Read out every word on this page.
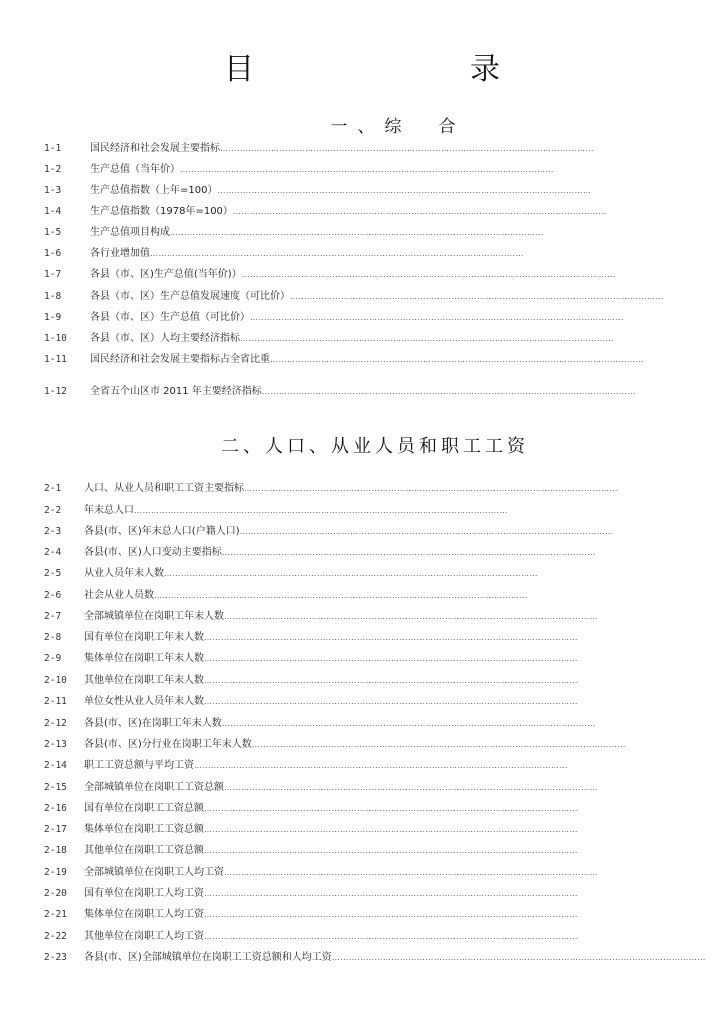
目　　录
一、综　合
二、人口、从业人员和职工工资
1-1	国民经济和社会发展主要指标 ……………………………………………………………………………………………………………………
1-2	生产总值（当年价） ……………………………………………………………………………………………………………………
1-3	生产总值指数（上年=100） ……………………………………………………………………………………………………………………
1-4	生产总值指数（1978年=100） ……………………………………………………………………………………………………………………
1-5	生产总值项目构成 ……………………………………………………………………………………………………………………
1-6	各行业增加值 ……………………………………………………………………………………………………………………
1-7	各县（市、区)生产总值(当年价)） ……………………………………………………………………………………………………………………
1-8	各县（市、区）生产总值发展速度（可比价） ……………………………………………………………………………………………………………………
1-9	各县（市、区）生产总值（可比价） ……………………………………………………………………………………………………………………
1-10 各县（市、区）人均主要经济指标 ……………………………………………………………………………………………………………………
1-11 国民经济和社会发展主要指标占全省比重 ……………………………………………………………………………………………………………………
1-12 全省五个山区市 2011 年主要经济指标 ……………………………………………………………………………………………………………………
2-1 人口、从业人员和职工工资主要指标 ……………………………………………………………………………………………………………………
2-2 年末总人口 ……………………………………………………………………………………………………………………
2-3 各县(市、区)年末总人口(户籍人口) ……………………………………………………………………………………………………………………
2-4 各县(市、区)人口变动主要指标 ……………………………………………………………………………………………………………………
2-5 从业人员年末人数 ……………………………………………………………………………………………………………………
2-6 社会从业人员数 ……………………………………………………………………………………………………………………
2-7 全部城镇单位在岗职工年末人数 ……………………………………………………………………………………………………………………
2-8 国有单位在岗职工年末人数 ……………………………………………………………………………………………………………………
2-9 集体单位在岗职工年末人数 ……………………………………………………………………………………………………………………
2-10 其他单位在岗职工年末人数 ……………………………………………………………………………………………………………………
2-11 单位女性从业人员年末人数 ……………………………………………………………………………………………………………………
2-12 各县(市、区)在岗职工年末人数 ……………………………………………………………………………………………………………………
2-13 各县(市、区)分行业在岗职工年末人数 ……………………………………………………………………………………………………………………
2-14 职工工资总额与平均工资 ……………………………………………………………………………………………………………………
2-15 全部城镇单位在岗职工工资总额 ……………………………………………………………………………………………………………………
2-16 国有单位在岗职工工资总额 ……………………………………………………………………………………………………………………
2-17 集体单位在岗职工工资总额 ……………………………………………………………………………………………………………………
2-18 其他单位在岗职工工资总额 ……………………………………………………………………………………………………………………
2-19 全部城镇单位在岗职工人均工资 ……………………………………………………………………………………………………………………
2-20 国有单位在岗职工人均工资 ……………………………………………………………………………………………………………………
2-21 集体单位在岗职工人均工资 ……………………………………………………………………………………………………………………
2-22 其他单位在岗职工人均工资 ……………………………………………………………………………………………………………………
2-23 各县(市、区)全部城镇单位在岗职工工资总额和人均工资 ……………………………………………………………………………………………………………………
